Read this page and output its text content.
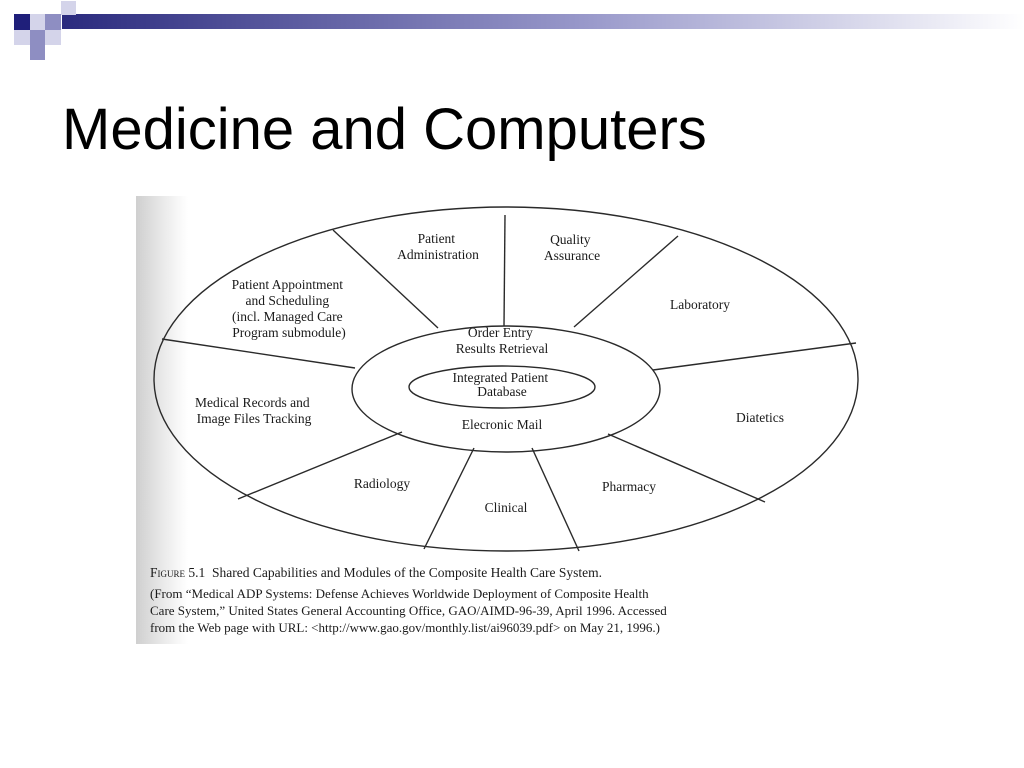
Medicine and Computers
Patient Administration
Quality Assurance
Laboratory
Diatetics
Pharmacy
Clinical
Radiology
Medical Records and Image Files Tracking
Patient Appointment and Scheduling (incl. Managed Care Program submodule)	Order Entry Results Retrieval
Elecronic Mail
Integrated Patient Database
Figure 5.1 Shared Capabilities and Modules of the Composite Health Care System.
(From “Medical ADP Systems: Defense Achieves Worldwide Deployment of Composite Health
Care System,” United States General Accounting Office, GAO/AIMD-96-39, April 1996. Accessed
from the Web page with URL: <http://www.gao.gov/monthly.list/ai96039.pdf> on May 21, 1996.)
